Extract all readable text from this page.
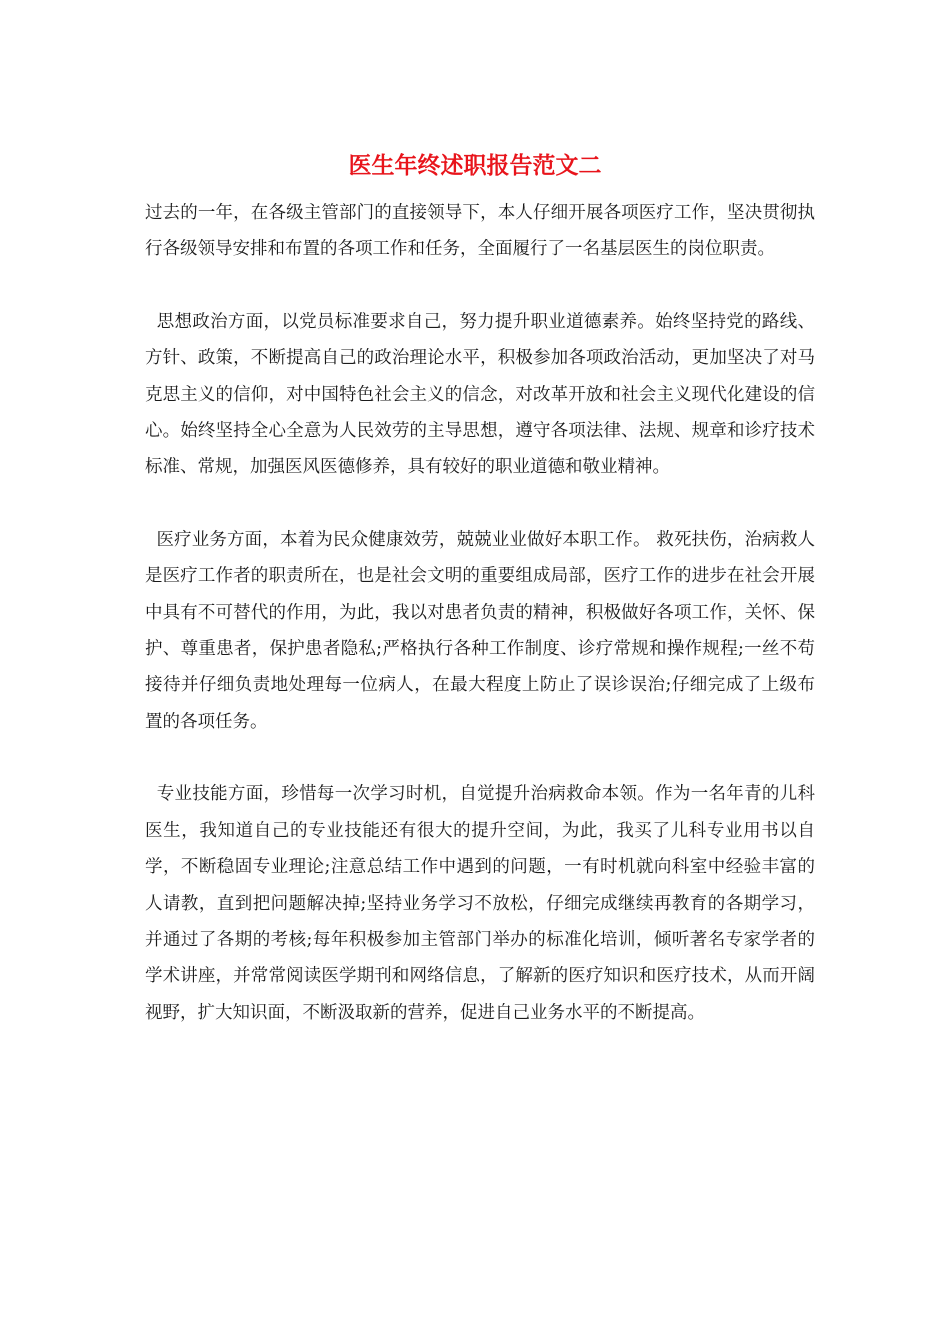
医生年终述职报告范文二

过去的一年，在各级主管部门的直接领导下，本人仔细开展各项医疗工作，坚决贯彻执行各级领导安排和布置的各项工作和任务，全面履行了一名基层医生的岗位职责。

思想政治方面，以党员标准要求自己，努力提升职业道德素养。始终坚持党的路线、方针、政策，不断提高自己的政治理论水平，积极参加各项政治活动，更加坚决了对马克思主义的信仰，对中国特色社会主义的信念，对改革开放和社会主义现代化建设的信心。始终坚持全心全意为人民效劳的主导思想，遵守各项法律、法规、规章和诊疗技术标准、常规，加强医风医德修养，具有较好的职业道德和敬业精神。

医疗业务方面，本着为民众健康效劳，兢兢业业做好本职工作。 救死扶伤，治病救人 是医疗工作者的职责所在，也是社会文明的重要组成局部，医疗工作的进步在社会开展中具有不可替代的作用，为此，我以对患者负责的精神，积极做好各项工作，关怀、保护、尊重患者，保护患者隐私;严格执行各种工作制度、诊疗常规和操作规程;一丝不苟接待并仔细负责地处理每一位病人，在最大程度上防止了误诊误治;仔细完成了上级布置的各项任务。

专业技能方面，珍惜每一次学习时机，自觉提升治病救命本领。作为一名年青的儿科医生，我知道自己的专业技能还有很大的提升空间，为此，我买了儿科专业用书以自学，不断稳固专业理论;注意总结工作中遇到的问题，一有时机就向科室中经验丰富的人请教，直到把问题解决掉;坚持业务学习不放松，仔细完成继续再教育的各期学习，并通过了各期的考核;每年积极参加主管部门举办的标准化培训，倾听著名专家学者的学术讲座，并常常阅读医学期刊和网络信息，了解新的医疗知识和医疗技术，从而开阔视野，扩大知识面，不断汲取新的营养，促进自己业务水平的不断提高。
